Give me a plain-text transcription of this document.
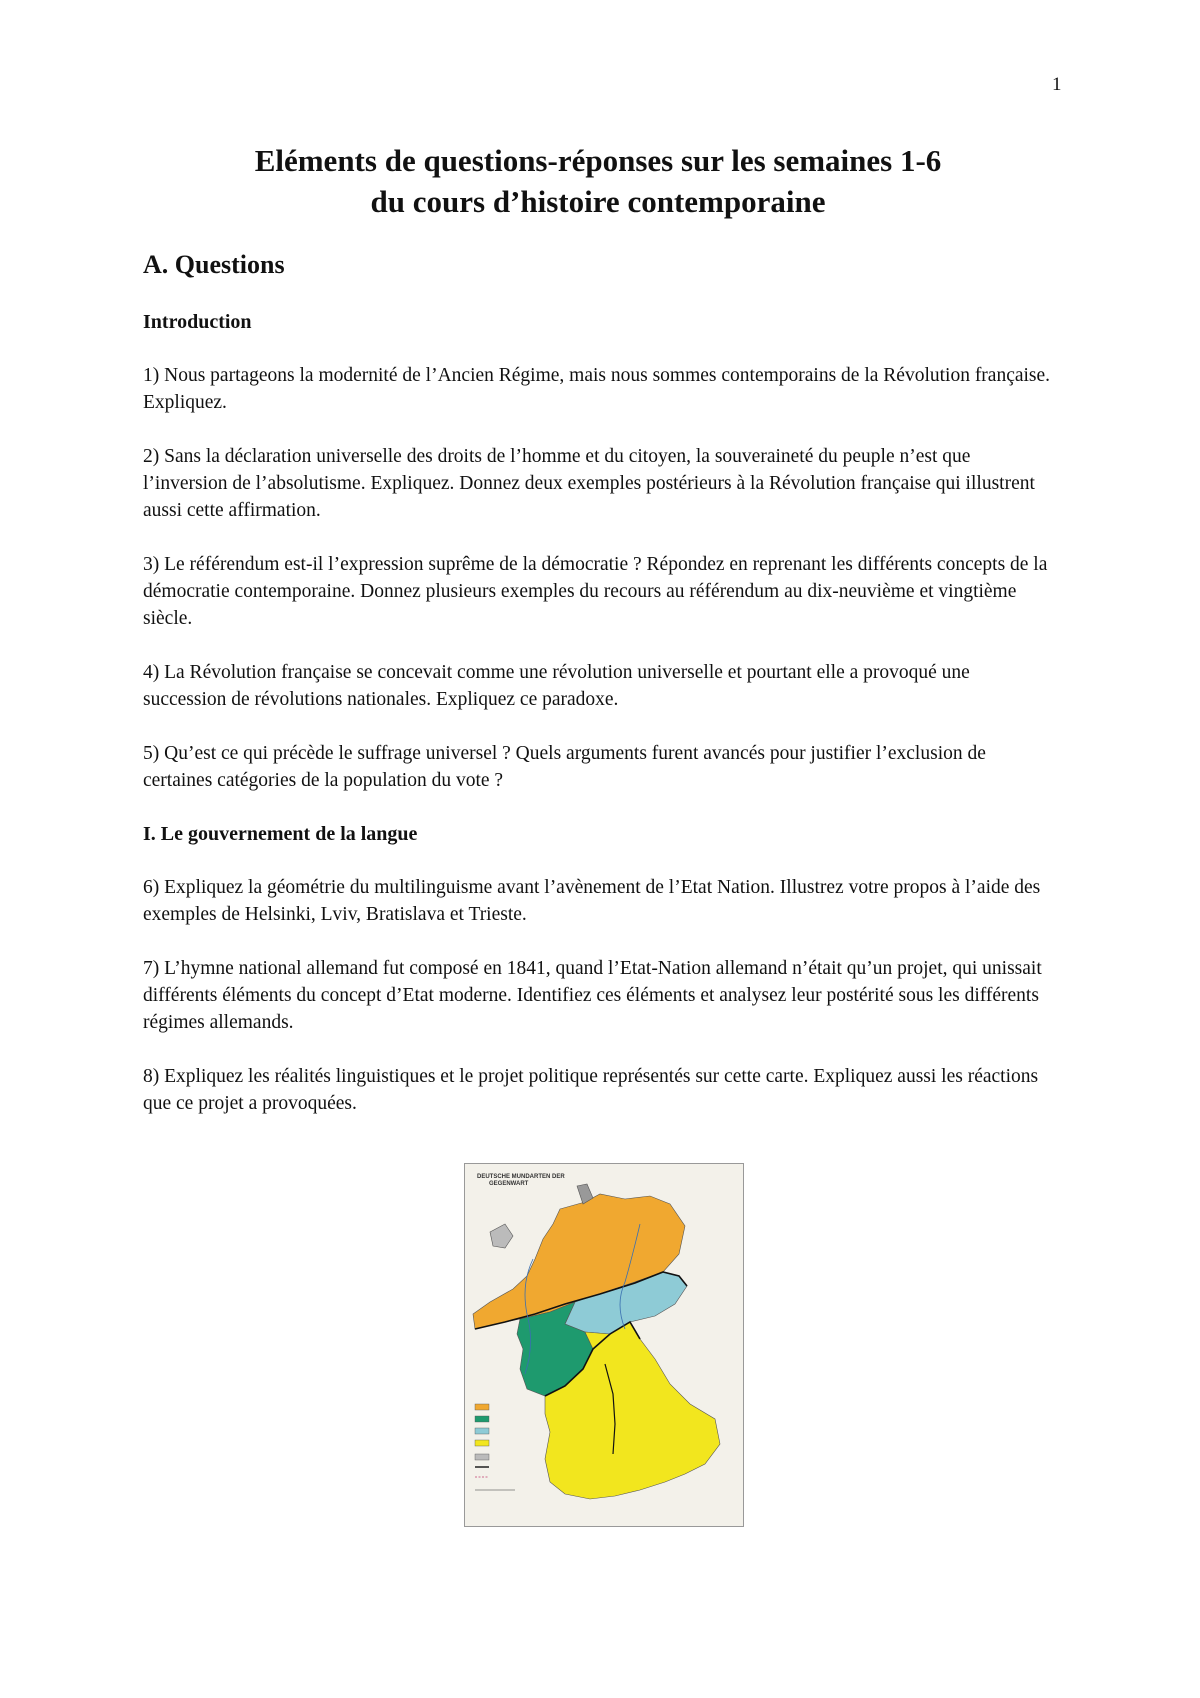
1
Eléments de questions-réponses sur les semaines 1-6
du cours d’histoire contemporaine
A. Questions
Introduction

1) Nous partageons la modernité de l’Ancien Régime, mais nous sommes contemporains de la Révolution française. Expliquez.

2) Sans la déclaration universelle des droits de l’homme et du citoyen, la souveraineté du peuple n’est que l’inversion de l’absolutisme. Expliquez. Donnez deux exemples postérieurs à la Révolution française qui illustrent aussi cette affirmation.

3) Le référendum est-il l’expression suprême de la démocratie ? Répondez en reprenant les différents concepts de la démocratie contemporaine. Donnez plusieurs exemples du recours au référendum au dix-neuvième et vingtième siècle.

4) La Révolution française se concevait comme une révolution universelle et pourtant elle a provoqué une succession de révolutions nationales. Expliquez ce paradoxe.

5) Qu’est ce qui précède le suffrage universel ? Quels arguments furent avancés pour justifier l’exclusion de certaines catégories de la population du vote ?

I. Le gouvernement de la langue

6) Expliquez la géométrie du multilinguisme avant l’avènement de l’Etat Nation. Illustrez votre propos à l’aide des exemples de Helsinki, Lviv, Bratislava et Trieste.

7) L’hymne national allemand fut composé en 1841, quand l’Etat-Nation allemand n’était qu’un projet, qui unissait différents éléments du concept d’Etat moderne. Identifiez ces éléments et analysez leur postérité sous les différents régimes allemands.

8) Expliquez les réalités linguistiques et le projet politique représentés sur cette carte. Expliquez aussi les réactions que ce projet a provoquées.

DEUTSCHE MUNDARTEN DER
GEGENWART
